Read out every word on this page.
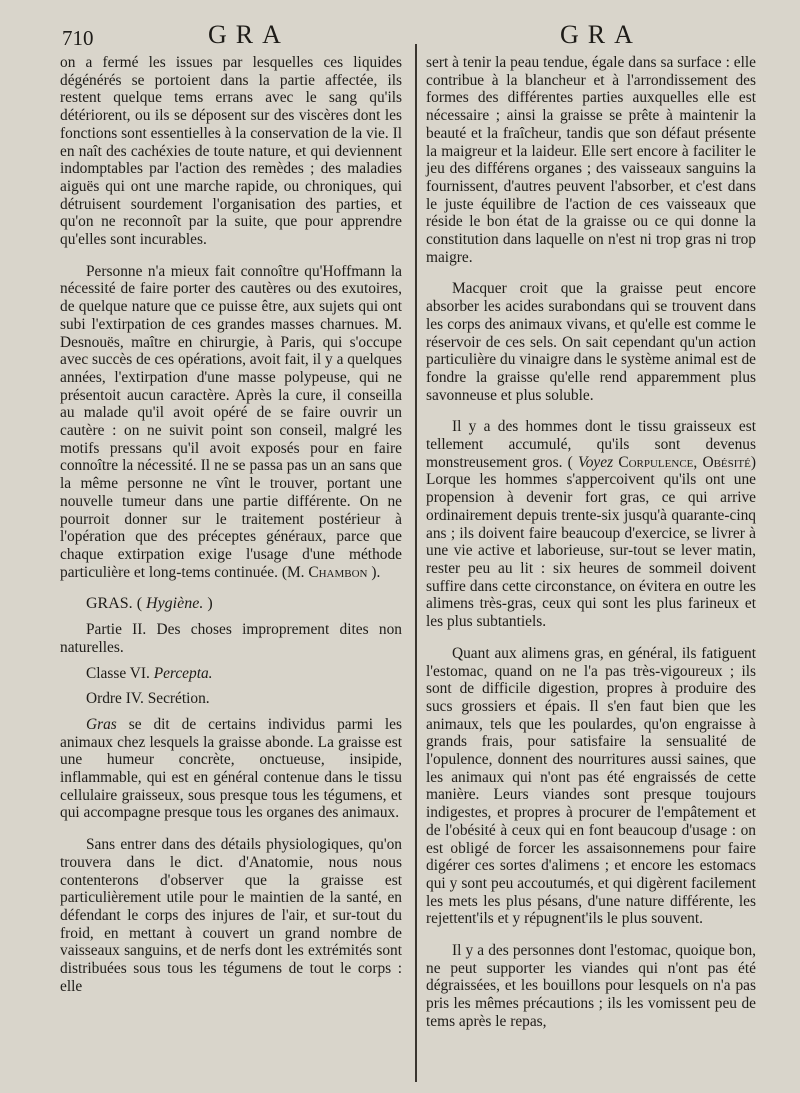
710	GRA	GRA

on a fermé les issues par lesquelles ces liquides dégénérés se portoient dans la partie affectée, ils restent quelque tems errans avec le sang qu'ils détériorent, ou ils se déposent sur des viscères dont les fonctions sont essentielles à la conservation de la vie. Il en naît des cachéxies de toute nature, et qui deviennent indomptables par l'action des remèdes ; des maladies aiguës qui ont une marche rapide, ou chroniques, qui détruisent sourdement l'organisation des parties, et qu'on ne reconnoît par la suite, que pour apprendre qu'elles sont incurables.

Personne n'a mieux fait connoître qu'Hoffmann la nécessité de faire porter des cautères ou des exutoires, de quelque nature que ce puisse être, aux sujets qui ont subi l'extirpation de ces grandes masses charnues. M. Desnouës, maître en chirurgie, à Paris, qui s'occupe avec succès de ces opérations, avoit fait, il y a quelques années, l'extirpation d'une masse polypeuse, qui ne présentoit aucun caractère. Après la cure, il conseilla au malade qu'il avoit opéré de se faire ouvrir un cautère : on ne suivit point son conseil, malgré les motifs pressans qu'il avoit exposés pour en faire connoître la nécessité. Il ne se passa pas un an sans que la même personne ne vînt le trouver, portant une nouvelle tumeur dans une partie différente. On ne pourroit donner sur le traitement postérieur à l'opération que des préceptes généraux, parce que chaque extirpation exige l'usage d'une méthode particulière et long-tems continuée. (M. Chambon ).

GRAS. ( Hygiène. )

Partie II. Des choses improprement dites non naturelles.

Classe VI. Percepta.

Ordre IV. Secrétion.

Gras se dit de certains individus parmi les animaux chez lesquels la graisse abonde. La graisse est une humeur concrète, onctueuse, insipide, inflammable, qui est en général contenue dans le tissu cellulaire graisseux, sous presque tous les tégumens, et qui accompagne presque tous les organes des animaux.

Sans entrer dans des détails physiologiques, qu'on trouvera dans le dict. d'Anatomie, nous nous contenterons d'observer que la graisse est particulièrement utile pour le maintien de la santé, en défendant le corps des injures de l'air, et sur-tout du froid, en mettant à couvert un grand nombre de vaisseaux sanguins, et de nerfs dont les extrémités sont distribuées sous tous les tégumens de tout le corps : elle

sert à tenir la peau tendue, égale dans sa surface : elle contribue à la blancheur et à l'arrondissement des formes des différentes parties auxquelles elle est nécessaire ; ainsi la graisse se prête à maintenir la beauté et la fraîcheur, tandis que son défaut présente la maigreur et la laideur. Elle sert encore à faciliter le jeu des différens organes ; des vaisseaux sanguins la fournissent, d'autres peuvent l'absorber, et c'est dans le juste équilibre de l'action de ces vaisseaux que réside le bon état de la graisse ou ce qui donne la constitution dans laquelle on n'est ni trop gras ni trop maigre.

Macquer croit que la graisse peut encore absorber les acides surabondans qui se trouvent dans les corps des animaux vivans, et qu'elle est comme le réservoir de ces sels. On sait cependant qu'un action particulière du vinaigre dans le système animal est de fondre la graisse qu'elle rend apparemment plus savonneuse et plus soluble.

Il y a des hommes dont le tissu graisseux est tellement accumulé, qu'ils sont devenus monstreusement gros. ( Voyez Corpulence, Obésité) Lorque les hommes s'appercoivent qu'ils ont une propension à devenir fort gras, ce qui arrive ordinairement depuis trente-six jusqu'à quarante-cinq ans ; ils doivent faire beaucoup d'exercice, se livrer à une vie active et laborieuse, sur-tout se lever matin, rester peu au lit : six heures de sommeil doivent suffire dans cette circonstance, on évitera en outre les alimens très-gras, ceux qui sont les plus farineux et les plus subtantiels.

Quant aux alimens gras, en général, ils fatiguent l'estomac, quand on ne l'a pas très-vigoureux ; ils sont de difficile digestion, propres à produire des sucs grossiers et épais. Il s'en faut bien que les animaux, tels que les poulardes, qu'on engraisse à grands frais, pour satisfaire la sensualité de l'opulence, donnent des nourritures aussi saines, que les animaux qui n'ont pas été engraissés de cette manière. Leurs viandes sont presque toujours indigestes, et propres à procurer de l'empâtement et de l'obésité à ceux qui en font beaucoup d'usage : on est obligé de forcer les assaisonnemens pour faire digérer ces sortes d'alimens ; et encore les estomacs qui y sont peu accoutumés, et qui digèrent facilement les mets les plus pésans, d'une nature différente, les rejettent'ils et y répugnent'ils le plus souvent.

Il y a des personnes dont l'estomac, quoique bon, ne peut supporter les viandes qui n'ont pas été dégraissées, et les bouillons pour lesquels on n'a pas pris les mêmes précautions ; ils les vomissent peu de tems après le repas,
